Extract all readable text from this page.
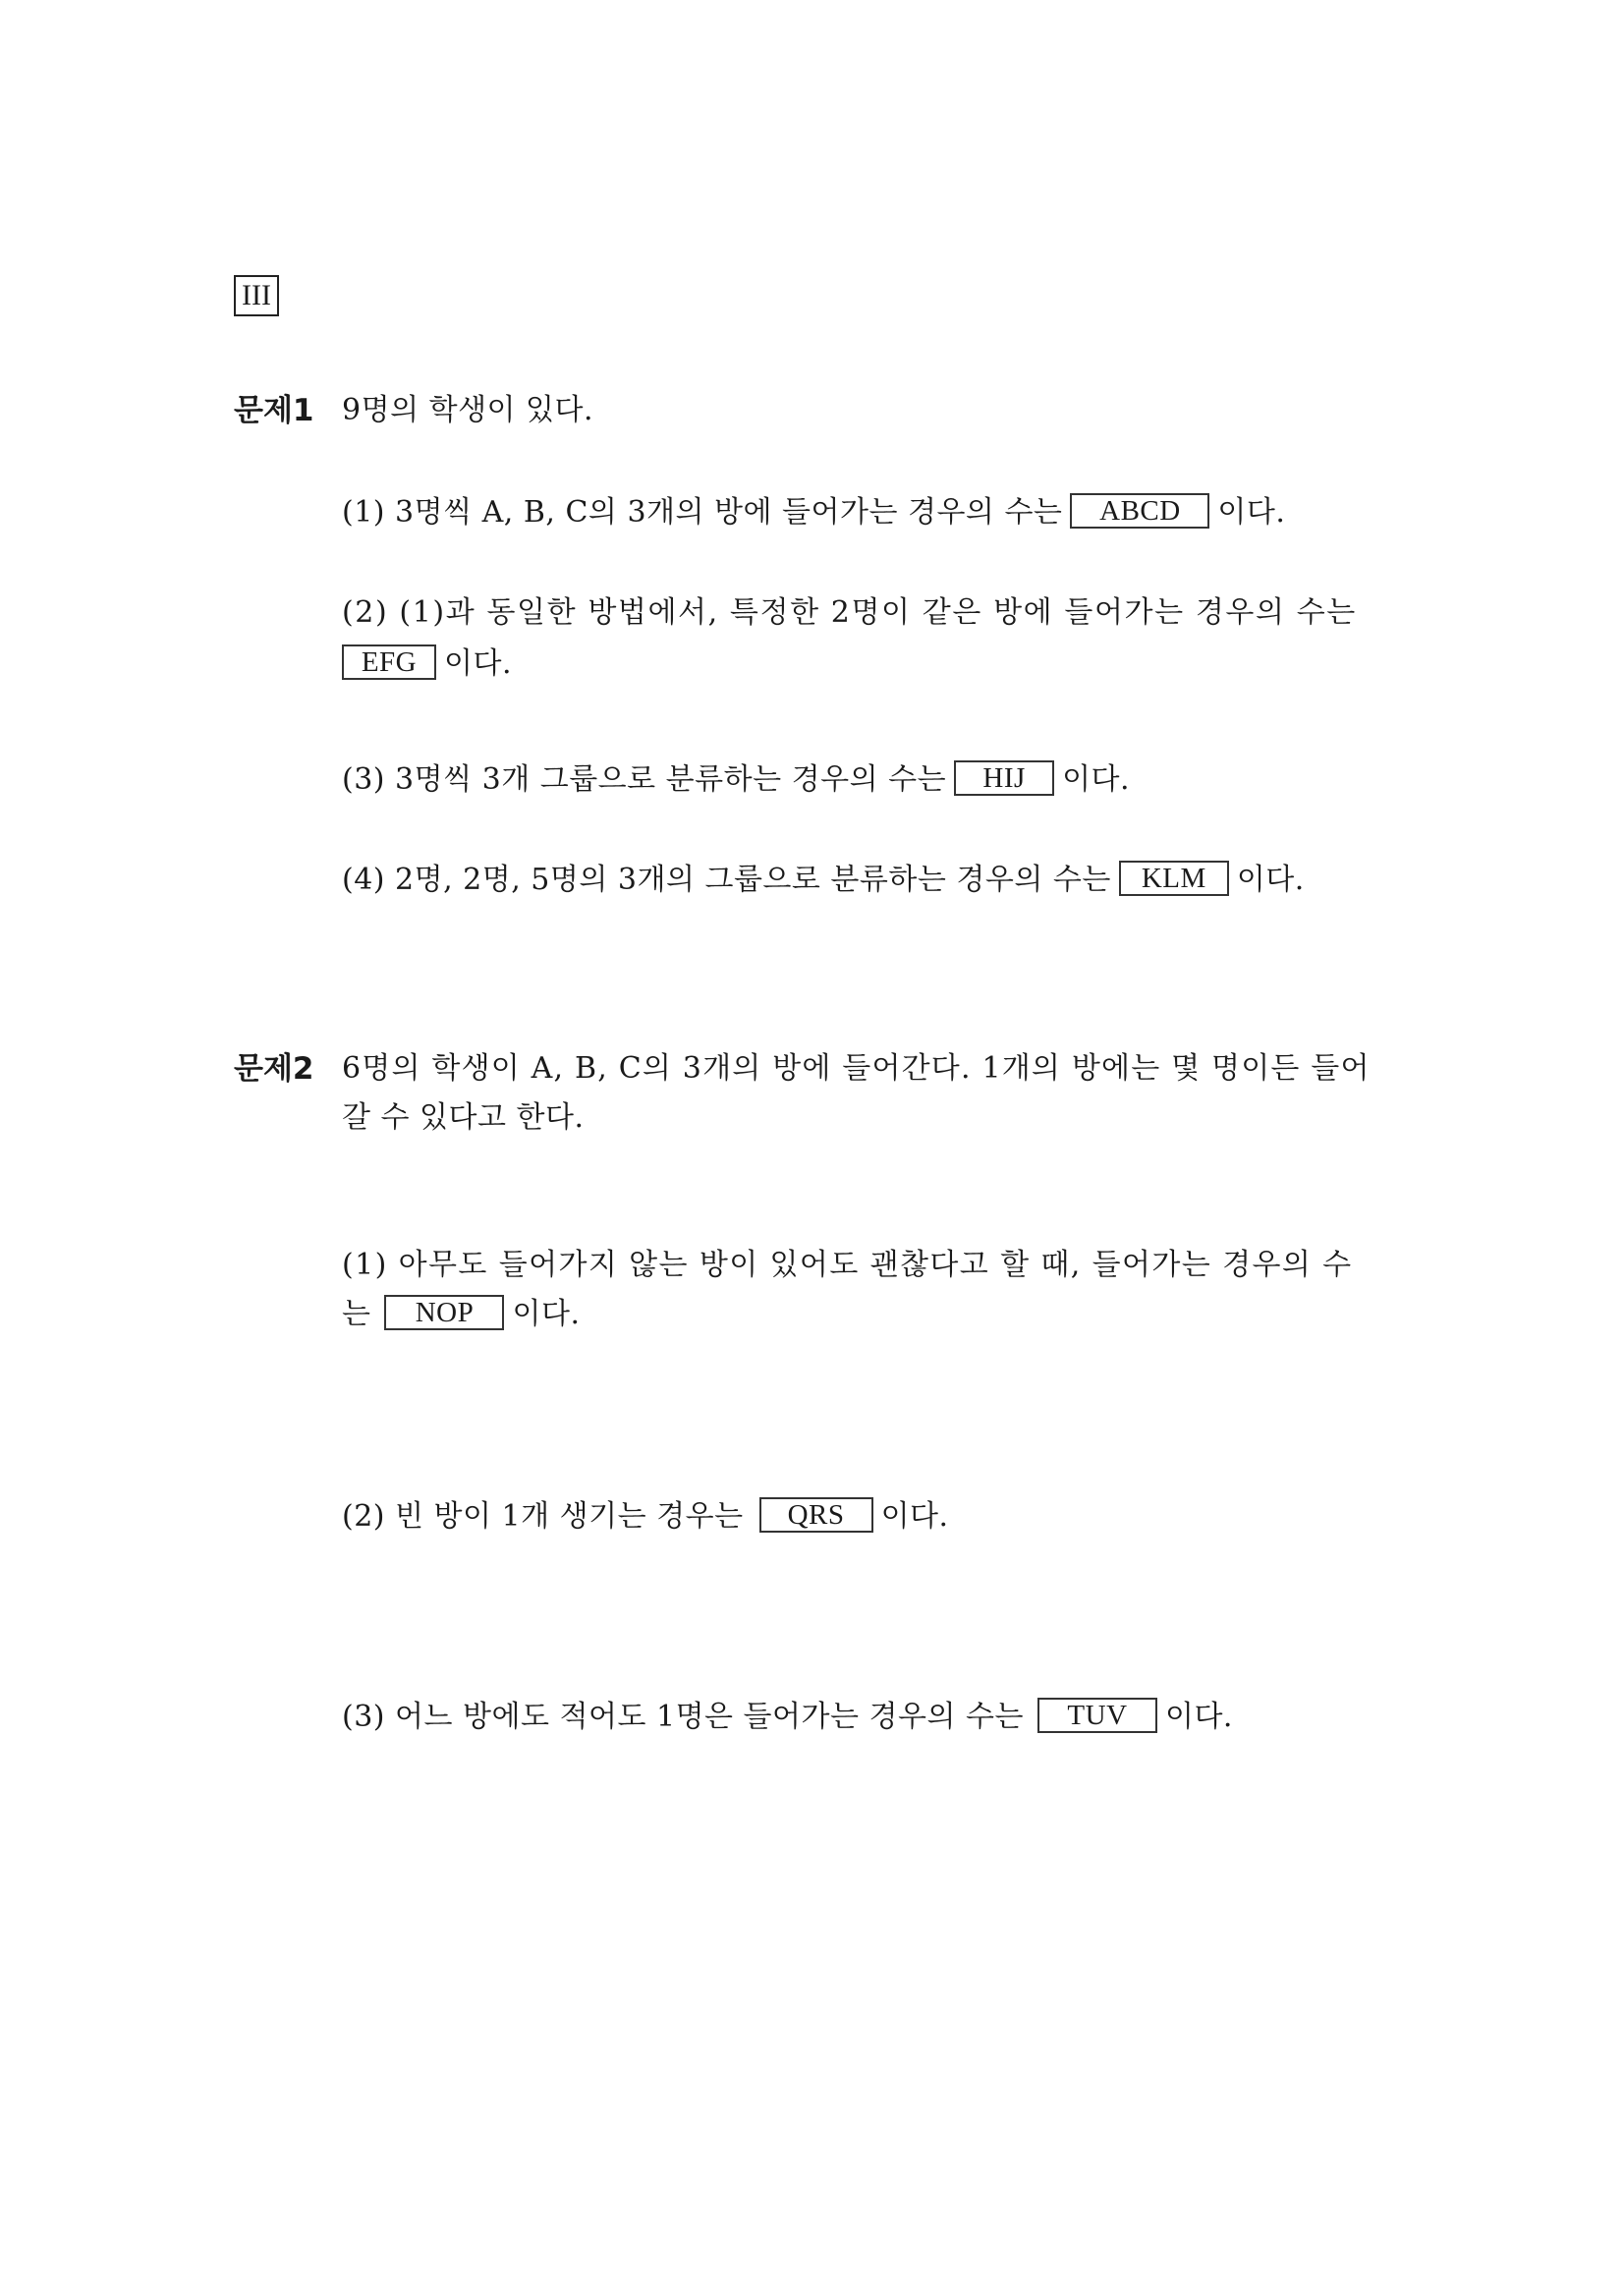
III
문제1 9명의 학생이 있다.
(1) 3명씩 A, B, C의 3개의 방에 들어가는 경우의 수는 ABCD 이다.
(2) (1)과 동일한 방법에서, 특정한 2명이 같은 방에 들어가는 경우의 수는
EFG 이다.
(3) 3명씩 3개 그룹으로 분류하는 경우의 수는 HIJ 이다.
(4) 2명, 2명, 5명의 3개의 그룹으로 분류하는 경우의 수는 KLM 이다.
문제2 6명의 학생이 A, B, C의 3개의 방에 들어간다. 1개의 방에는 몇 명이든 들어
갈 수 있다고 한다.
(1) 아무도 들어가지 않는 방이 있어도 괜찮다고 할 때, 들어가는 경우의 수
는 NOP 이다.
(2) 빈 방이 1개 생기는 경우는 QRS 이다.
(3) 어느 방에도 적어도 1명은 들어가는 경우의 수는 TUV 이다.
